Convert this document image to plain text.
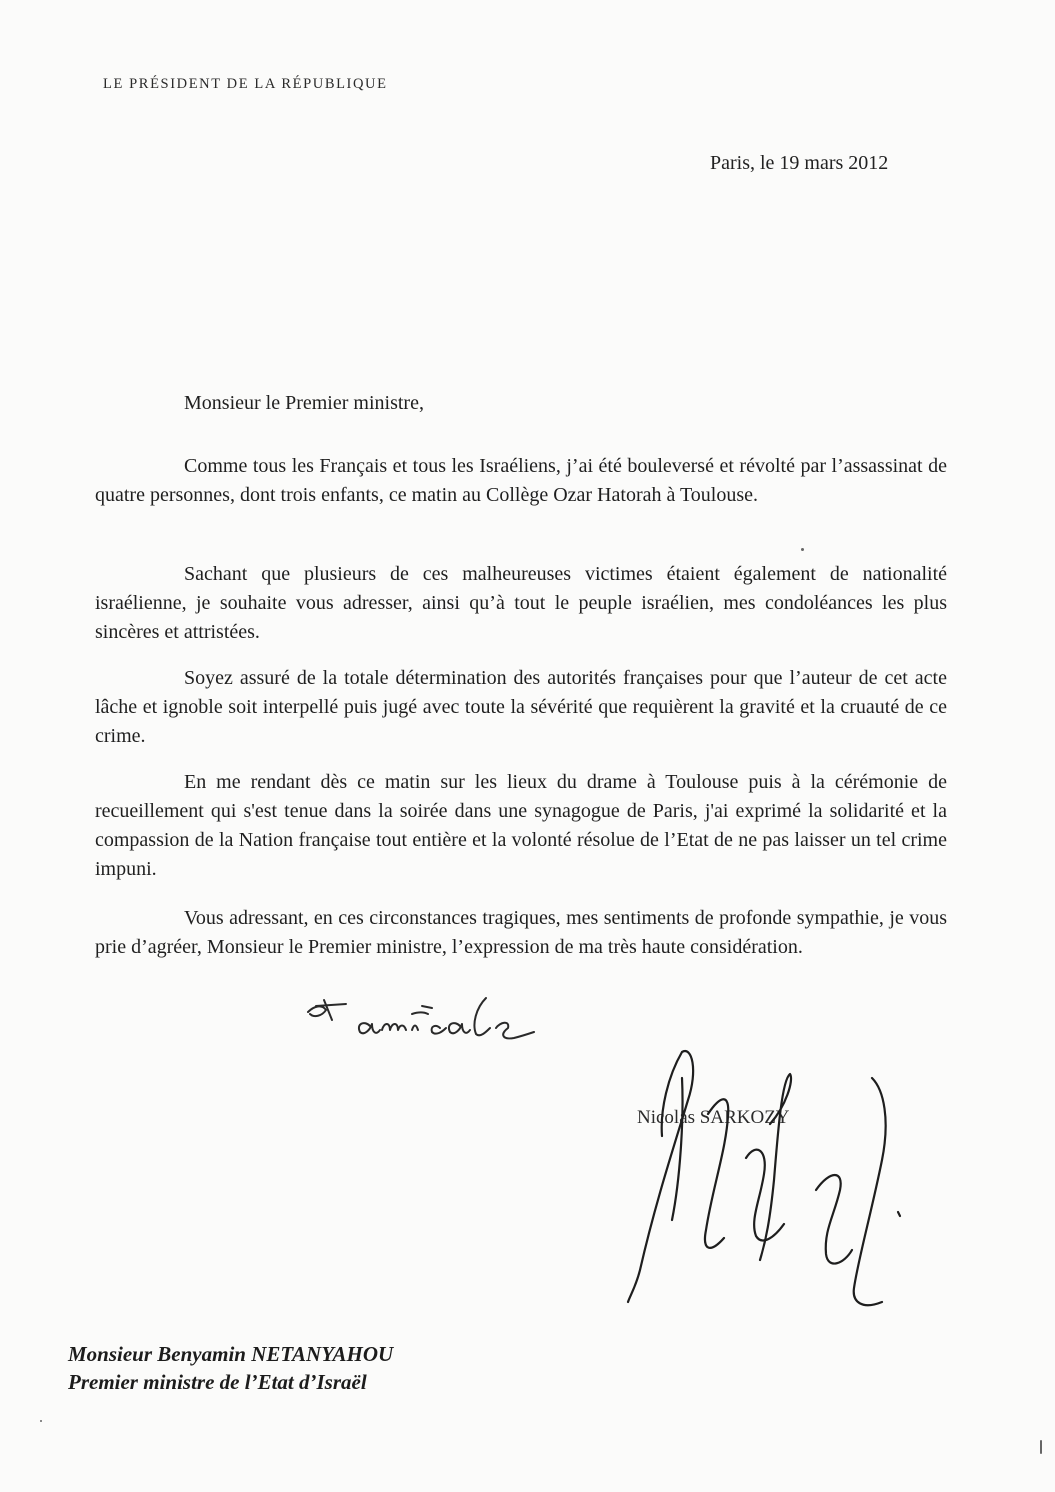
LE PRÉSIDENT DE LA RÉPUBLIQUE
Paris, le 19 mars 2012
Monsieur le Premier ministre,

Comme tous les Français et tous les Israéliens, j’ai été bouleversé et révolté par l’assassinat de quatre personnes, dont trois enfants, ce matin au Collège Ozar Hatorah à Toulouse.

Sachant que plusieurs de ces malheureuses victimes étaient également de nationalité israélienne, je souhaite vous adresser, ainsi qu’à tout le peuple israélien, mes condoléances les plus sincères et attristées.

Soyez assuré de la totale détermination des autorités françaises pour que l’auteur de cet acte lâche et ignoble soit interpellé puis jugé avec toute la sévérité que requièrent la gravité et la cruauté de ce crime.

En me rendant dès ce matin sur les lieux du drame à Toulouse puis à la cérémonie de recueillement qui s'est tenue dans la soirée dans une synagogue de Paris, j'ai exprimé la solidarité et la compassion de la Nation française tout entière et la volonté résolue de l’Etat de ne pas laisser un tel crime impuni.

Vous adressant, en ces circonstances tragiques, mes sentiments de profonde sympathie, je vous prie d’agréer, Monsieur le Premier ministre, l’expression de ma très haute considération.

Nicolas SARKOZY
Monsieur Benyamin NETANYAHOU
Premier ministre de l’Etat d’Israël
